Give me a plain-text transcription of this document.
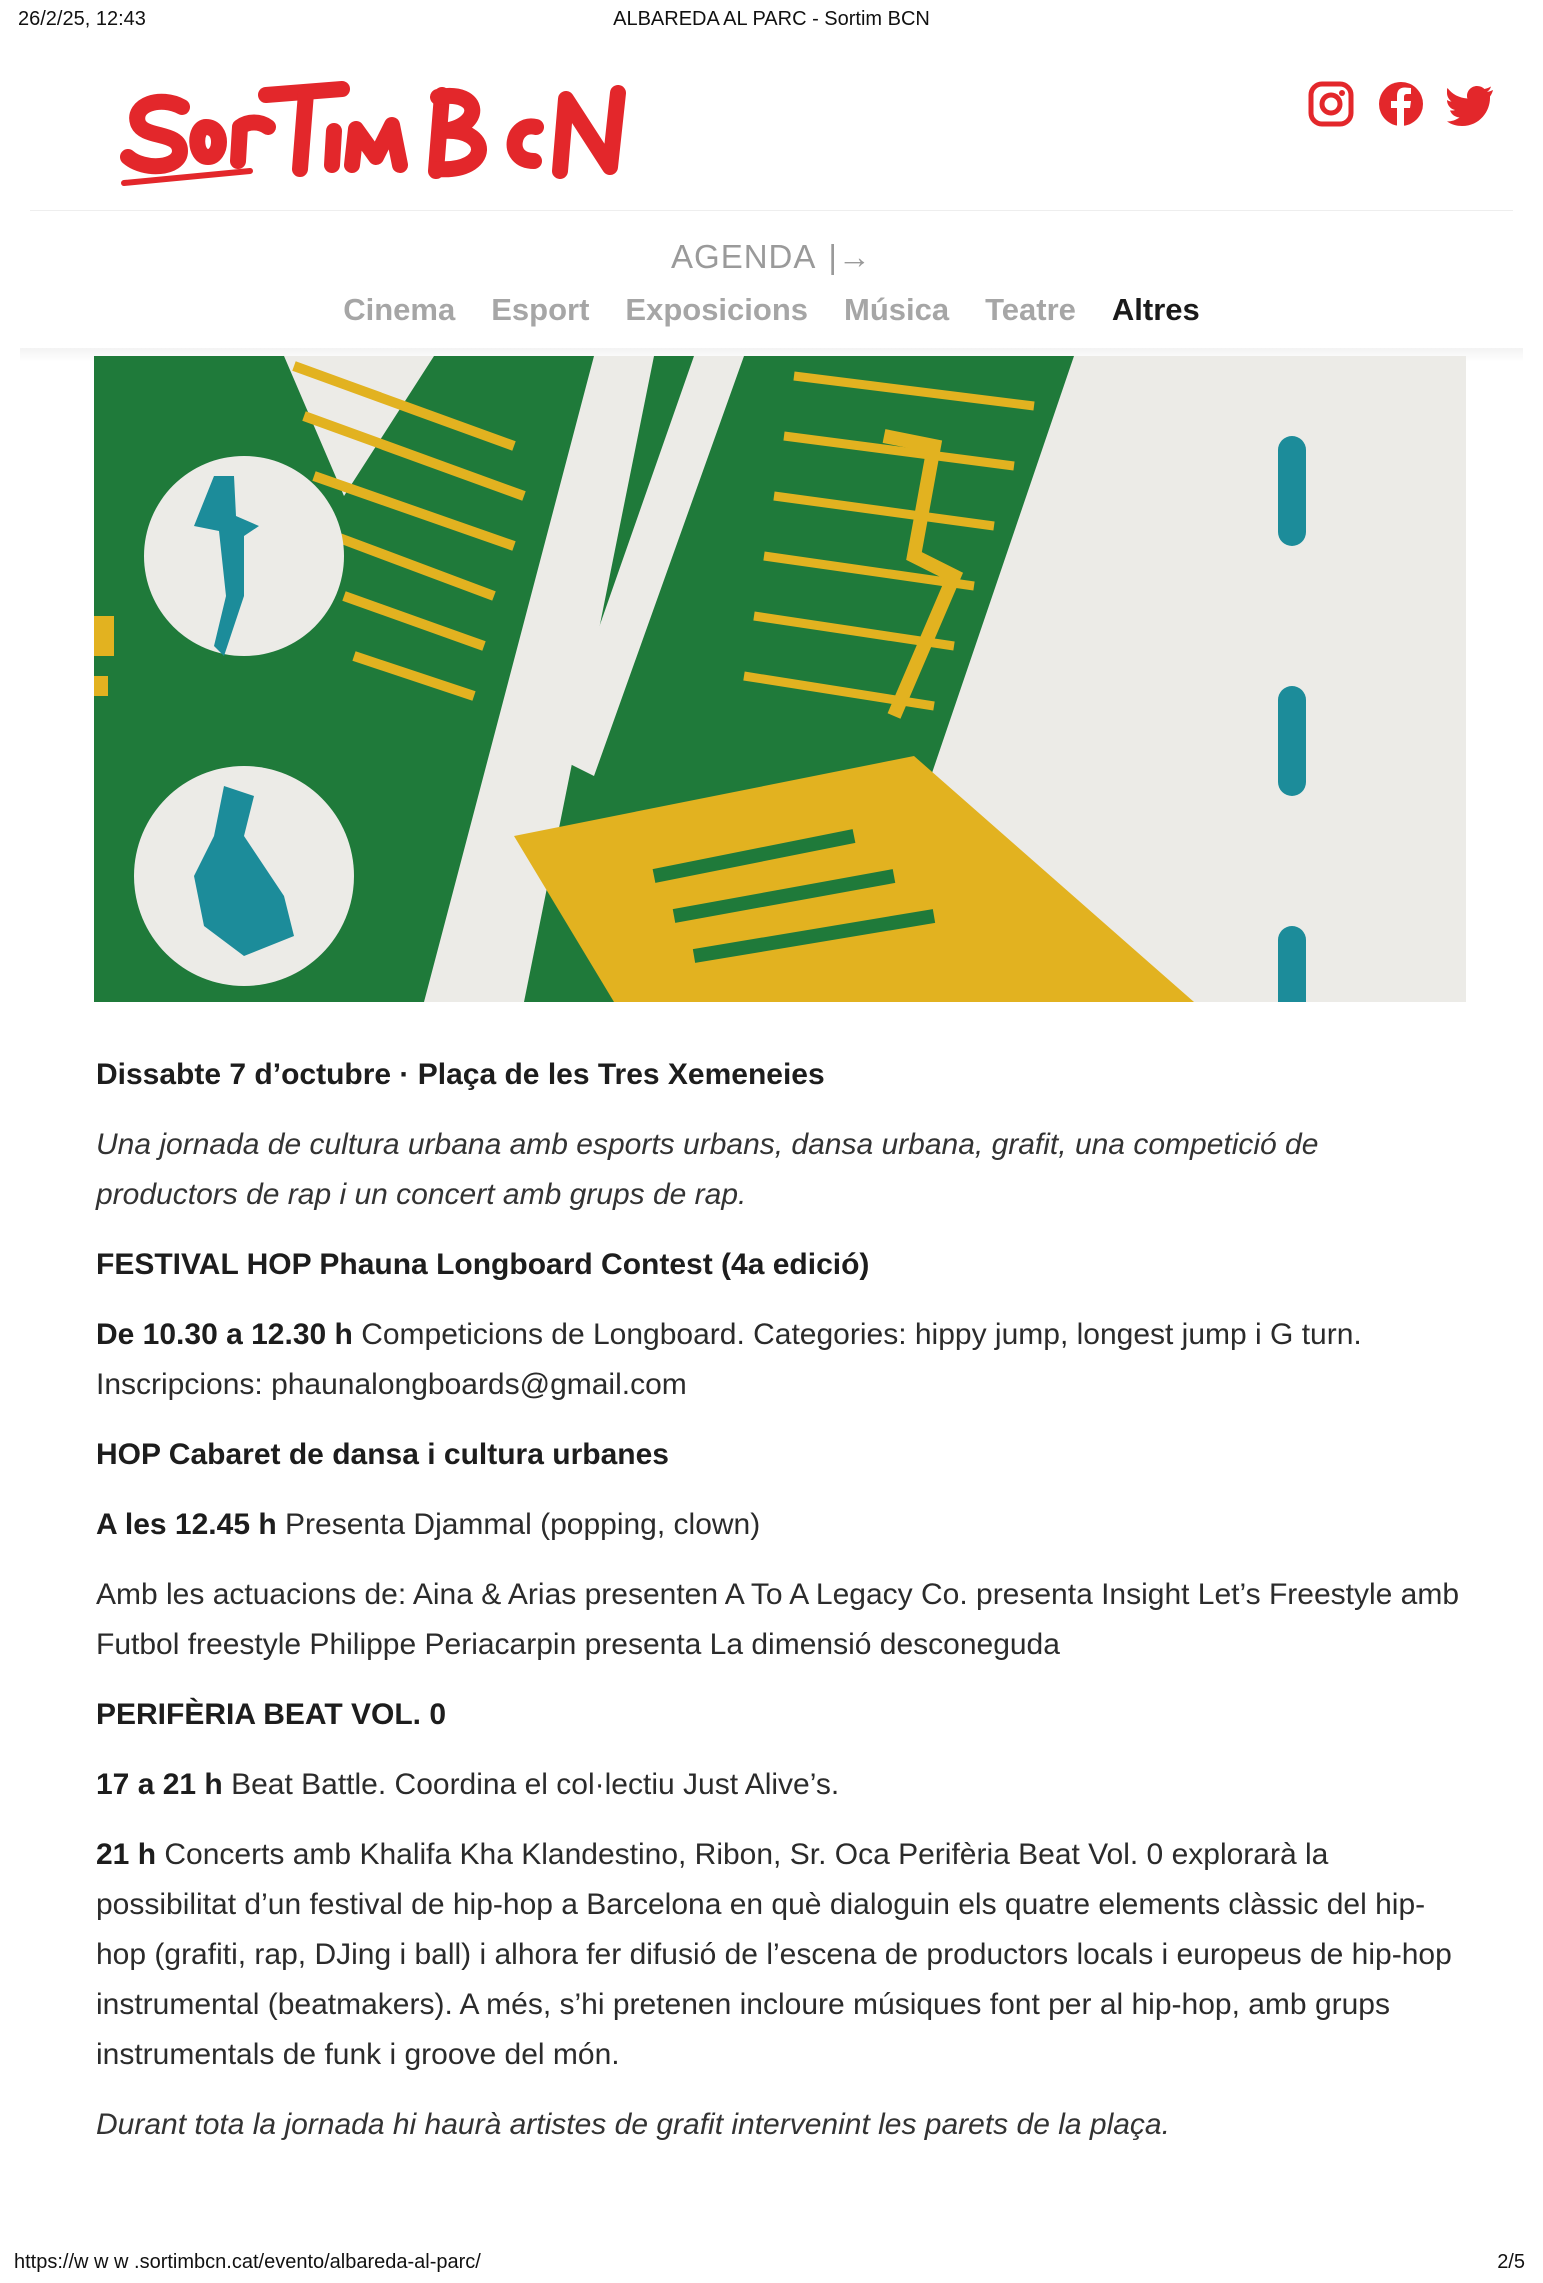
26/2/25, 12:43	ALBAREDA AL PARC - Sortim BCN
AGENDA |→
Cinema Esport Exposicions Música Teatre Altres

Dissabte 7 d’octubre · Plaça de les Tres Xemeneies

Una jornada de cultura urbana amb esports urbans, dansa urbana, grafit, una competició de productors de rap i un concert amb grups de rap.

FESTIVAL HOP Phauna Longboard Contest (4a edició)

De 10.30 a 12.30 h Competicions de Longboard. Categories: hippy jump, longest jump i G turn. Inscripcions: phaunalongboards@gmail.com

HOP Cabaret de dansa i cultura urbanes

A les 12.45 h Presenta Djammal (popping, clown)

Amb les actuacions de: Aina & Arias presenten A To A Legacy Co. presenta Insight Let’s Freestyle amb Futbol freestyle Philippe Periacarpin presenta La dimensió desconeguda

PERIFÈRIA BEAT VOL. 0

17 a 21 h Beat Battle. Coordina el col·lectiu Just Alive’s.

21 h Concerts amb Khalifa Kha Klandestino, Ribon, Sr. Oca Perifèria Beat Vol. 0 explorarà la possibilitat d’un festival de hip-hop a Barcelona en què dialoguin els quatre elements clàssic del hip-hop (grafiti, rap, DJing i ball) i alhora fer difusió de l’escena de productors locals i europeus de hip-hop instrumental (beatmakers). A més, s’hi pretenen incloure músiques font per al hip-hop, amb grups instrumentals de funk i groove del món.

Durant tota la jornada hi haurà artistes de grafit intervenint les parets de la plaça.

https://w w w .sortimbcn.cat/evento/albareda-al-parc/	2/5
